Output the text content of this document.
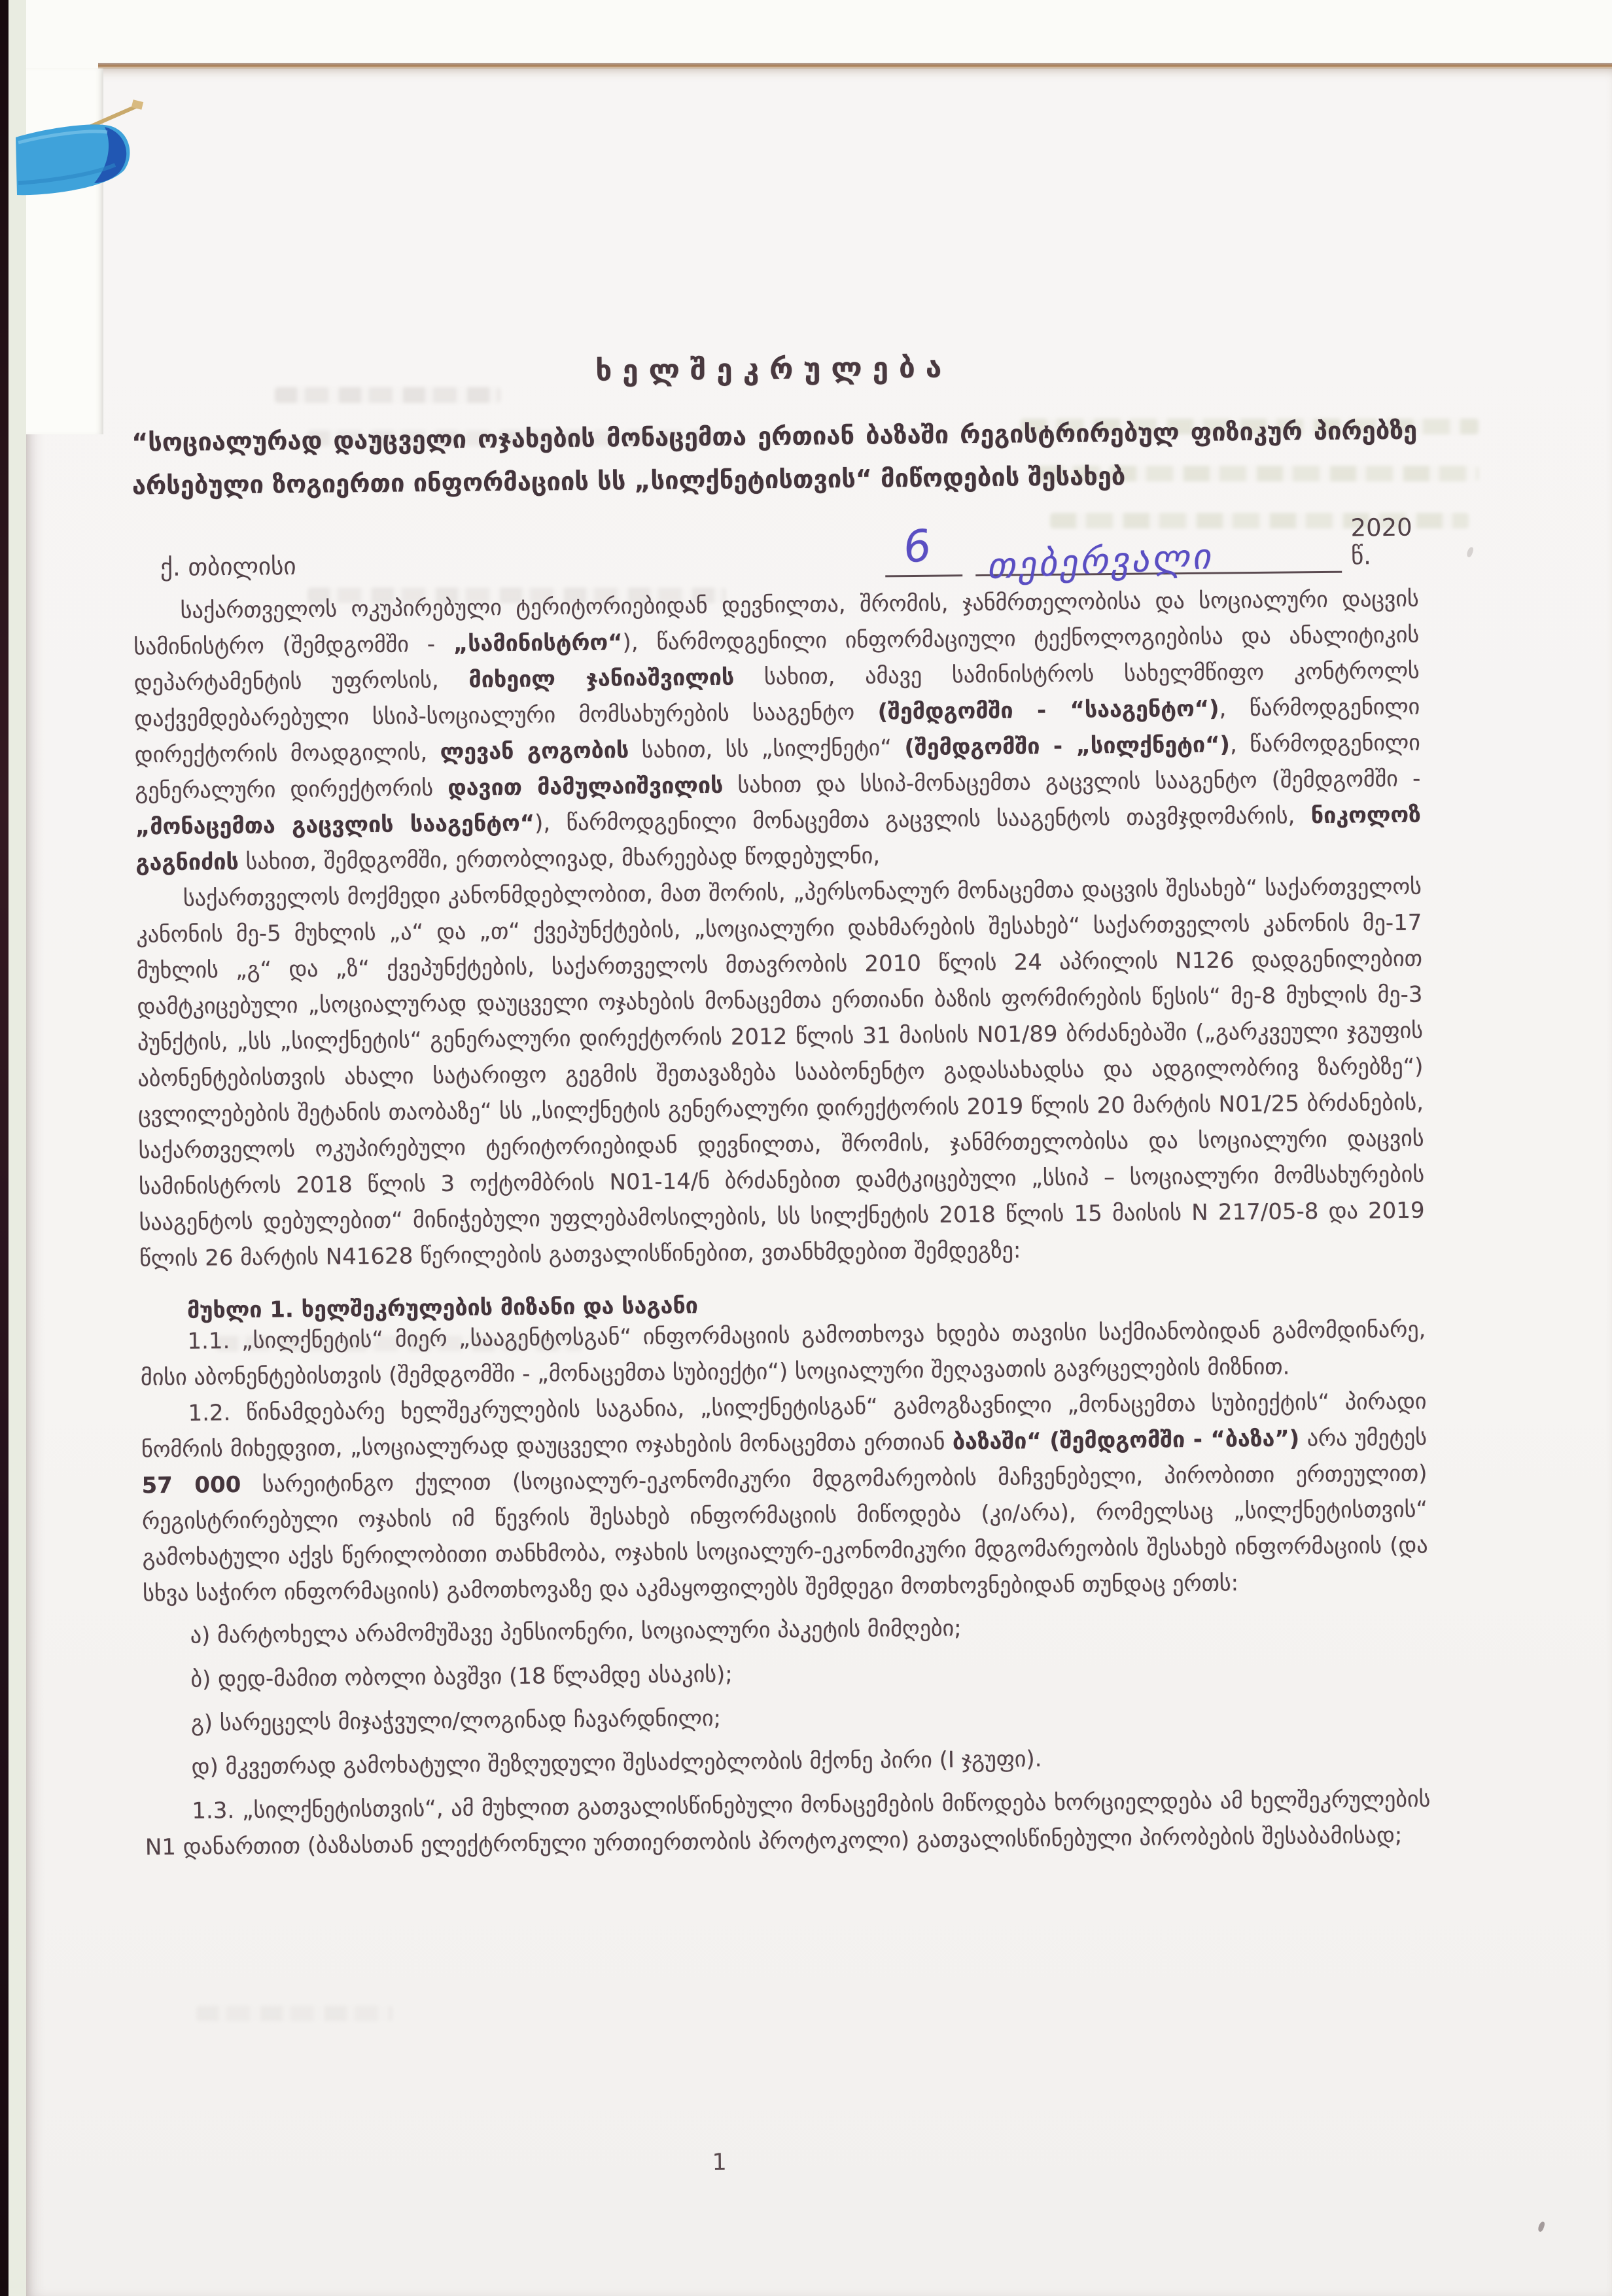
ხელშეკრულება
“სოციალურად დაუცველი ოჯახების მონაცემთა ერთიან ბაზაში რეგისტრირებულ ფიზიკურ პირებზე არსებული ზოგიერთი ინფორმაციის სს „სილქნეტისთვის“ მიწოდების შესახებ
ქ. თბილისი	6 თებერვალი
2020 წ.

საქართველოს ოკუპირებული ტერიტორიებიდან დევნილთა, შრომის, ჯანმრთელობისა და სოციალური დაცვის სამინისტრო (შემდგომში - „სამინისტრო“), წარმოდგენილი ინფორმაციული ტექნოლოგიებისა და ანალიტიკის დეპარტამენტის უფროსის, მიხეილ ჯანიაშვილის სახით, ამავე სამინისტროს სახელმწიფო კონტროლს დაქვემდებარებული სსიპ-სოციალური მომსახურების სააგენტო (შემდგომში - “სააგენტო“), წარმოდგენილი დირექტორის მოადგილის, ლევან გოგობის სახით, სს „სილქნეტი“ (შემდგომში - „სილქნეტი“), წარმოდგენილი გენერალური დირექტორის დავით მამულაიშვილის სახით და სსიპ-მონაცემთა გაცვლის სააგენტო (შემდგომში - „მონაცემთა გაცვლის სააგენტო“), წარმოდგენილი მონაცემთა გაცვლის სააგენტოს თავმჯდომარის, ნიკოლოზ გაგნიძის სახით, შემდგომში, ერთობლივად, მხარეებად წოდებულნი,

საქართველოს მოქმედი კანონმდებლობით, მათ შორის, „პერსონალურ მონაცემთა დაცვის შესახებ“ საქართველოს კანონის მე-5 მუხლის „ა“ და „თ“ ქვეპუნქტების, „სოციალური დახმარების შესახებ“ საქართველოს კანონის მე-17 მუხლის „გ“ და „ზ“ ქვეპუნქტების, საქართველოს მთავრობის 2010 წლის 24 აპრილის N126 დადგენილებით დამტკიცებული „სოციალურად დაუცველი ოჯახების მონაცემთა ერთიანი ბაზის ფორმირების წესის“ მე-8 მუხლის მე-3 პუნქტის, „სს „სილქნეტის“ გენერალური დირექტორის 2012 წლის 31 მაისის N01/89 ბრძანებაში („გარკვეული ჯგუფის აბონენტებისთვის ახალი სატარიფო გეგმის შეთავაზება სააბონენტო გადასახადსა და ადგილობრივ ზარებზე“) ცვლილებების შეტანის თაობაზე“ სს „სილქნეტის გენერალური დირექტორის 2019 წლის 20 მარტის N01/25 ბრძანების, საქართველოს ოკუპირებული ტერიტორიებიდან დევნილთა, შრომის, ჯანმრთელობისა და სოციალური დაცვის სამინისტროს 2018 წლის 3 ოქტომბრის N01-14/ნ ბრძანებით დამტკიცებული „სსიპ – სოციალური მომსახურების სააგენტოს დებულებით“ მინიჭებული უფლებამოსილების, სს სილქნეტის 2018 წლის 15 მაისის N 217/05-8 და 2019 წლის 26 მარტის N41628 წერილების გათვალისწინებით, ვთანხმდებით შემდეგზე:

მუხლი 1. ხელშეკრულების მიზანი და საგანი

1.1. „სილქნეტის“ მიერ „სააგენტოსგან“ ინფორმაციის გამოთხოვა ხდება თავისი საქმიანობიდან გამომდინარე, მისი აბონენტებისთვის (შემდგომში - „მონაცემთა სუბიექტი“) სოციალური შეღავათის გავრცელების მიზნით.

1.2. წინამდებარე ხელშეკრულების საგანია, „სილქნეტისგან“ გამოგზავნილი „მონაცემთა სუბიექტის“ პირადი ნომრის მიხედვით, „სოციალურად დაუცველი ოჯახების მონაცემთა ერთიან ბაზაში“ (შემდგომში - “ბაზა”) არა უმეტეს 57 000 სარეიტინგო ქულით (სოციალურ-ეკონომიკური მდგომარეობის მაჩვენებელი, პირობითი ერთეულით) რეგისტრირებული ოჯახის იმ წევრის შესახებ ინფორმაციის მიწოდება (კი/არა), რომელსაც „სილქნეტისთვის“ გამოხატული აქვს წერილობითი თანხმობა, ოჯახის სოციალურ-ეკონომიკური მდგომარეობის შესახებ ინფორმაციის (და სხვა საჭირო ინფორმაციის) გამოთხოვაზე და აკმაყოფილებს შემდეგი მოთხოვნებიდან თუნდაც ერთს:

ა) მარტოხელა არამომუშავე პენსიონერი, სოციალური პაკეტის მიმღები;
ბ) დედ-მამით ობოლი ბავშვი (18 წლამდე ასაკის);
გ) სარეცელს მიჯაჭვული/ლოგინად ჩავარდნილი;
დ) მკვეთრად გამოხატული შეზღუდული შესაძლებლობის მქონე პირი (I ჯგუფი).

1.3. „სილქნეტისთვის“, ამ მუხლით გათვალისწინებული მონაცემების მიწოდება ხორციელდება ამ ხელშეკრულების N1 დანართით (ბაზასთან ელექტრონული ურთიერთობის პროტოკოლი) გათვალისწინებული პირობების შესაბამისად;

1
